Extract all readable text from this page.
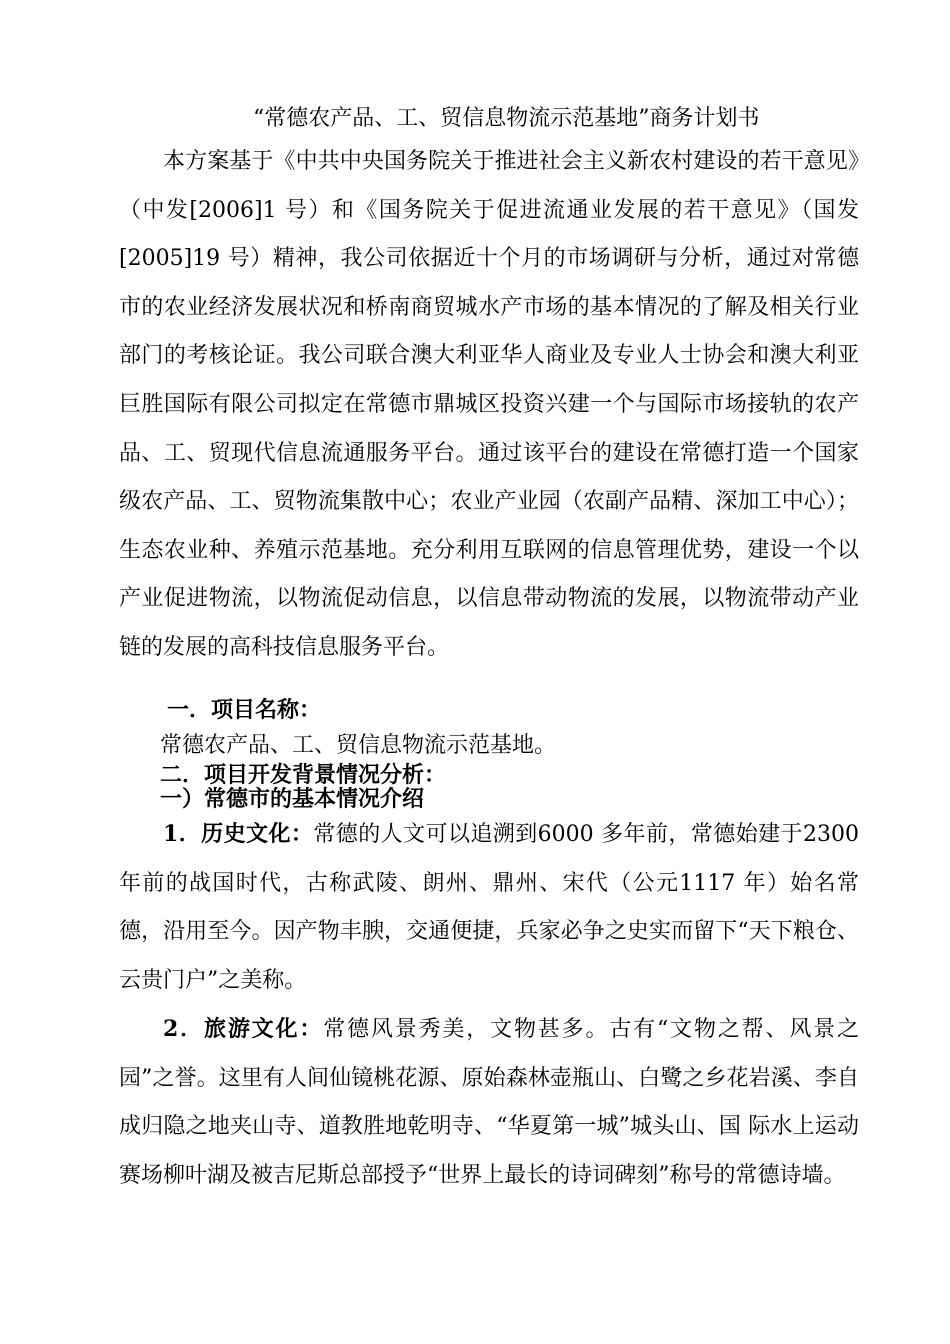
“常德农产品、工、贸信息物流示范基地”商务计划书

本方案基于《中共中央国务院关于推进社会主义新农村建设的若干意见》（中发[2006]1 号）和《国务院关于促进流通业发展的若干意见》（国发[2005]19 号）精神，我公司依据近十个月的市场调研与分析，通过对常德市的农业经济发展状况和桥南商贸城水产市场的基本情况的了解及相关行业部门的考核论证。我公司联合澳大利亚华人商业及专业人士协会和澳大利亚巨胜国际有限公司拟定在常德市鼎城区投资兴建一个与国际市场接轨的农产品、工、贸现代信息流通服务平台。通过该平台的建设在常德打造一个国家级农产品、工、贸物流集散中心；农业产业园（农副产品精、深加工中心）；生态农业种、养殖示范基地。充分利用互联网的信息管理优势，建设一个以产业促进物流，以物流促动信息，以信息带动物流的发展，以物流带动产业链的发展的高科技信息服务平台。

一．项目名称：
常德农产品、工、贸信息物流示范基地。
二．项目开发背景情况分析：
一）常德市的基本情况介绍

1．历史文化：常德的人文可以追溯到6000 多年前，常德始建于2300 年前的战国时代，古称武陵、朗州、鼎州、宋代（公元1117 年）始名常德，沿用至今。因产物丰腴，交通便捷，兵家必争之史实而留下“天下粮仓、云贵门户”之美称。

2．旅游文化：常德风景秀美，文物甚多。古有“文物之帮、风景之园”之誉。这里有人间仙镜桃花源、原始森林壶瓶山、白鹭之乡花岩溪、李自成归隐之地夹山寺、道教胜地乾明寺、“华夏第一城”城头山、国 际水上运动赛场柳叶湖及被吉尼斯总部授予“世界上最长的诗词碑刻”称号的常德诗墙。
